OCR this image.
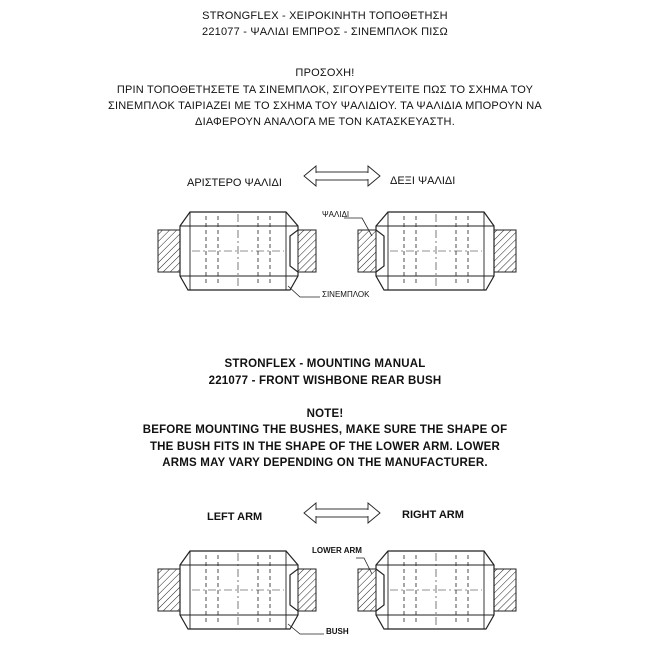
STRONGFLEX - ΧΕΙΡΟΚΙΝΗΤΗ ΤΟΠΟΘΕΤΗΣΗ
221077 - ΨΑΛΙΔΙ ΕΜΠΡΟΣ - ΣΙΝΕΜΠΛΟΚ ΠΙΣΩ
ΠΡΟΣΟΧΗ!
ΠΡΙΝ ΤΟΠΟΘΕΤΗΣΕΤΕ ΤΑ ΣΙΝΕΜΠΛΟΚ, ΣΙΓΟΥΡΕΥΤΕΙΤΕ ΠΩΣ ΤΟ ΣΧΗΜΑ ΤΟΥ
ΣΙΝΕΜΠΛΟΚ ΤΑΙΡΙΑΖΕΙ ΜΕ ΤΟ ΣΧΗΜΑ ΤΟΥ ΨΑΛΙΔΙΟΥ. ΤΑ ΨΑΛΙΔΙΑ ΜΠΟΡΟΥΝ ΝΑ
ΔΙΑΦΕΡΟΥΝ ΑΝΑΛΟΓΑ ΜΕ ΤΟΝ ΚΑΤΑΣΚΕΥΑΣΤΗ.
ΑΡΙΣΤΕΡΟ ΨΑΛΙΔΙ	ΔΕΞΙ ΨΑΛΙΔΙ
ΨΑΛΙΔΙ
ΣΙΝΕΜΠΛΟΚ
STRONFLEX - MOUNTING MANUAL
221077 - FRONT WISHBONE REAR BUSH
NOTE!
BEFORE MOUNTING THE BUSHES, MAKE SURE THE SHAPE OF
THE BUSH FITS IN THE SHAPE OF THE LOWER ARM. LOWER
ARMS MAY VARY DEPENDING ON THE MANUFACTURER.
LEFT ARM	RIGHT ARM
LOWER ARM
BUSH
